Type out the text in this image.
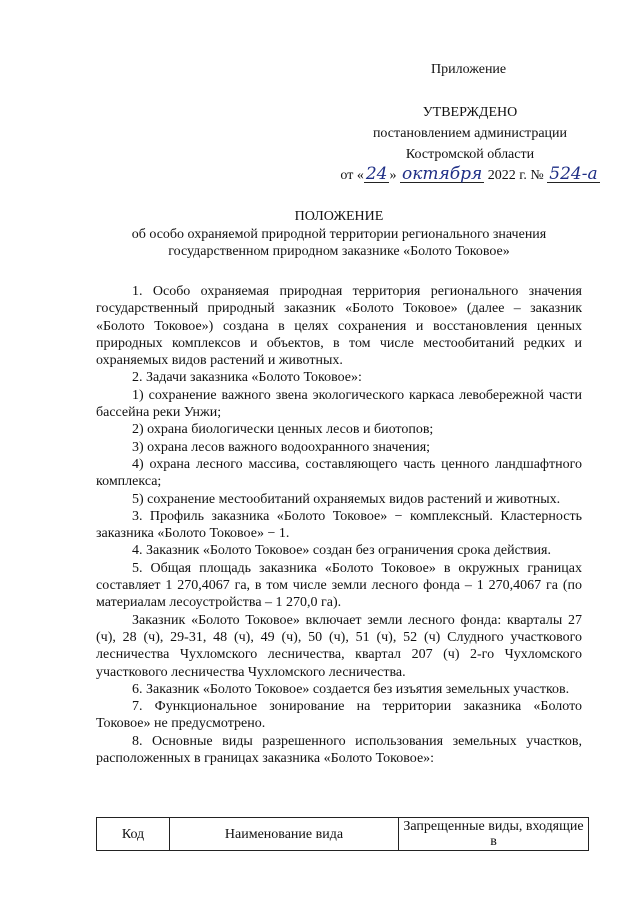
Приложение
УТВЕРЖДЕНО
постановлением администрации
Костромской области
от « 24 » октября 2022 г. № 524-а
ПОЛОЖЕНИЕ
об особо охраняемой природной территории регионального значения
государственном природном заказнике «Болото Токовое»

1. Особо охраняемая природная территория регионального значения государственный природный заказник «Болото Токовое» (далее – заказник «Болото Токовое») создана в целях сохранения и восстановления ценных природных комплексов и объектов, в том числе местообитаний редких и охраняемых видов растений и животных.

2. Задачи заказника «Болото Токовое»:

1) сохранение важного звена экологического каркаса левобережной части бассейна реки Унжи;

2) охрана биологически ценных лесов и биотопов;

3) охрана лесов важного водоохранного значения;

4) охрана лесного массива, составляющего часть ценного ландшафтного комплекса;

5) сохранение местообитаний охраняемых видов растений и животных.

3. Профиль заказника «Болото Токовое» − комплексный. Кластерность заказника «Болото Токовое» − 1.

4. Заказник «Болото Токовое» создан без ограничения срока действия.

5. Общая площадь заказника «Болото Токовое» в окружных границах составляет 1 270,4067 га, в том числе земли лесного фонда – 1 270,4067 га (по материалам лесоустройства – 1 270,0 га).

Заказник «Болото Токовое» включает земли лесного фонда: кварталы 27 (ч), 28 (ч), 29-31, 48 (ч), 49 (ч), 50 (ч), 51 (ч), 52 (ч) Слудного участкового лесничества Чухломского лесничества, квартал 207 (ч) 2-го Чухломского участкового лесничества Чухломского лесничества.

6. Заказник «Болото Токовое» создается без изъятия земельных участков.

7. Функциональное зонирование на территории заказника «Болото Токовое» не предусмотрено.

8. Основные виды разрешенного использования земельных участков, расположенных в границах заказника «Болото Токовое»:

Код	Наименование вида	Запрещенные виды, входящие в
